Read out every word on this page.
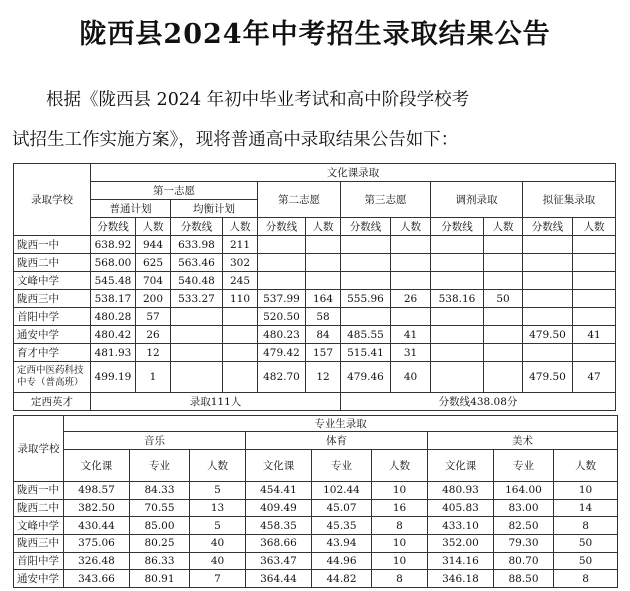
陇西县2024年中考招生录取结果公告
根据《陇西县 2024 年初中毕业考试和高中阶段学校考
试招生工作实施方案》，现将普通高中录取结果公告如下：
录取学校	文化课录取											
	第一志愿				第二志愿		第三志愿		调剂录取		拟征集录取	
	普通计划		均衡计划									
	分数线	人数	分数线	人数	分数线	人数	分数线	人数	分数线	人数	分数线	人数
陇西一中	638.92	944	633.98	211								
陇西二中	568.00	625	563.46	302								
文峰中学	545.48	704	540.48	245								
陇西三中	538.17	200	533.27	110	537.99	164	555.96	26	538.16	50		
首阳中学	480.28	57			520.50	58						
通安中学	480.42	26			480.23	84	485.55	41			479.50	41
育才中学	481.93	12			479.42	157	515.41	31				
定西中医药科技中专（普高班）	499.19	1			482.70	12	479.46	40			479.50	47
定西英才	录取111人						分数线438.08分					
录取学校	专业生录取								
	音乐			体育			美术		
	文化课	专业	人数	文化课	专业	人数	文化课	专业	人数
陇西一中	498.57	84.33	5	454.41	102.44	10	480.93	164.00	10
陇西二中	382.50	70.55	13	409.49	45.07	16	405.83	83.00	14
文峰中学	430.44	85.00	5	458.35	45.35	8	433.10	82.50	8
陇西三中	375.06	80.25	40	368.66	43.94	10	352.00	79.30	50
首阳中学	326.48	86.33	40	363.47	44.96	10	314.16	80.70	50
通安中学	343.66	80.91	7	364.44	44.82	8	346.18	88.50	8
